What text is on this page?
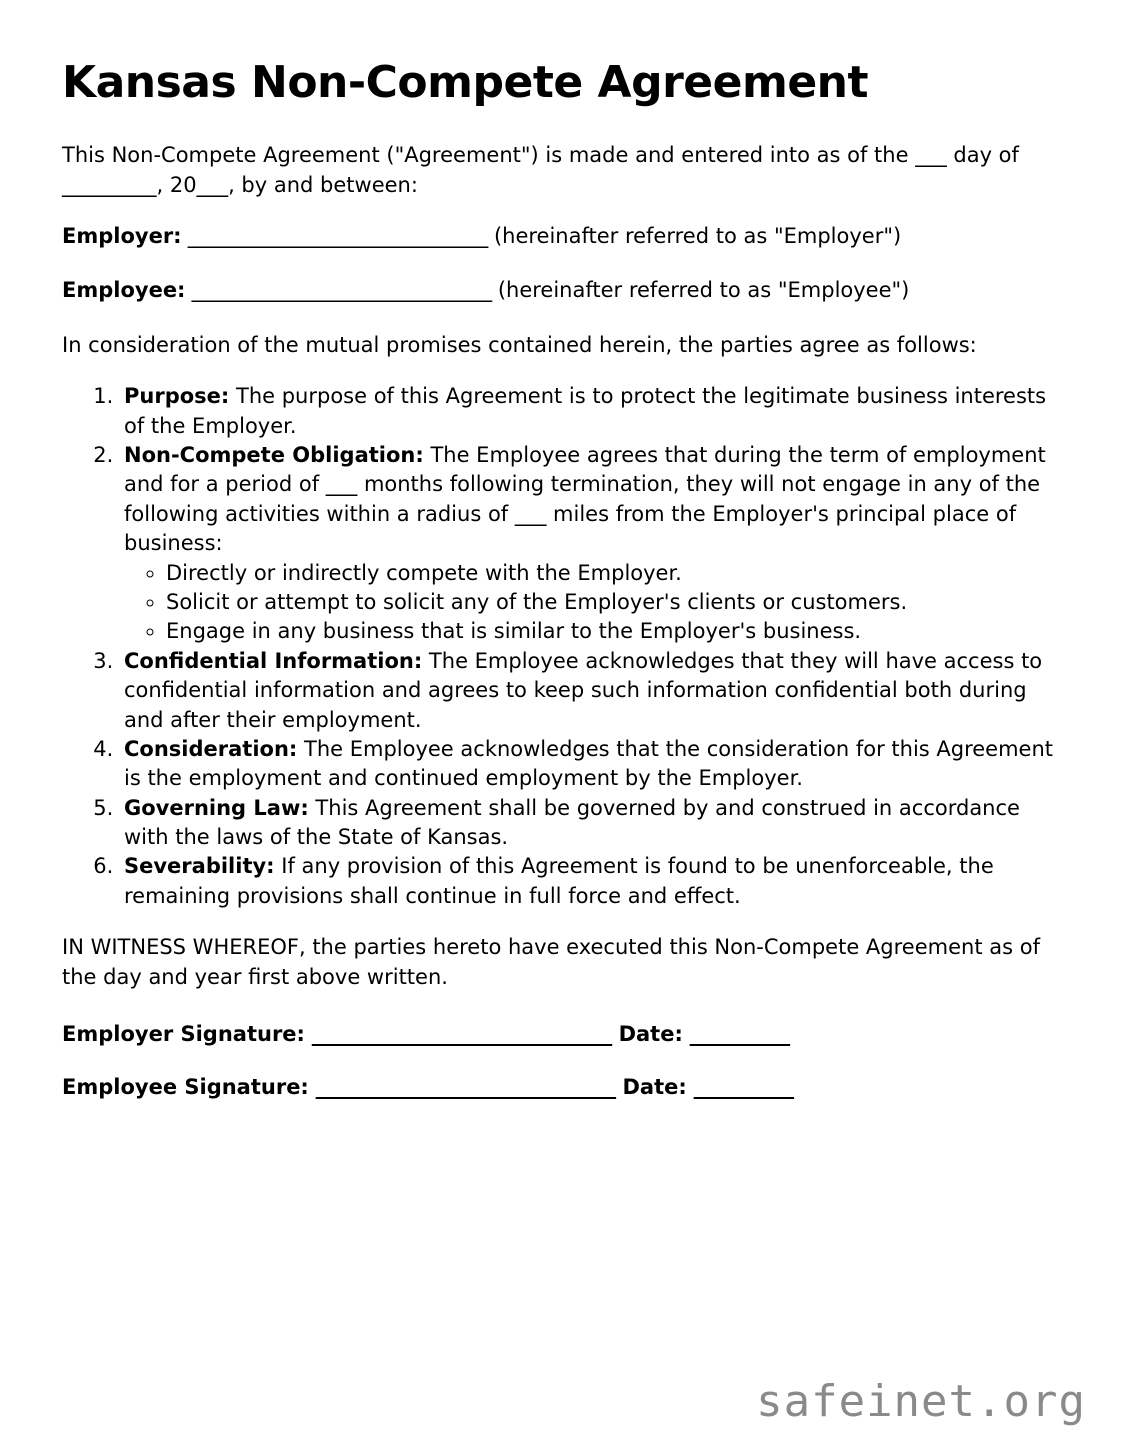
Kansas Non-Compete Agreement

This Non-Compete Agreement ("Agreement") is made and entered into as of the ___ day of _________, 20___, by and between:

Employer: ______________________________ (hereinafter referred to as "Employer")

Employee: ______________________________ (hereinafter referred to as "Employee")

In consideration of the mutual promises contained herein, the parties agree as follows:

1. Purpose: The purpose of this Agreement is to protect the legitimate business interests of the Employer.
2. Non-Compete Obligation: The Employee agrees that during the term of employment and for a period of ___ months following termination, they will not engage in any of the following activities within a radius of ___ miles from the Employer's principal place of business:
◦ Directly or indirectly compete with the Employer.
◦ Solicit or attempt to solicit any of the Employer's clients or customers.
◦ Engage in any business that is similar to the Employer's business.
3. Confidential Information: The Employee acknowledges that they will have access to confidential information and agrees to keep such information confidential both during and after their employment.
4. Consideration: The Employee acknowledges that the consideration for this Agreement is the employment and continued employment by the Employer.
5. Governing Law: This Agreement shall be governed by and construed in accordance with the laws of the State of Kansas.
6. Severability: If any provision of this Agreement is found to be unenforceable, the remaining provisions shall continue in full force and effect.

IN WITNESS WHEREOF, the parties hereto have executed this Non-Compete Agreement as of the day and year first above written.

Employer Signature: ______________________________ Date: __________

Employee Signature: ______________________________ Date: __________

safeinet.org
